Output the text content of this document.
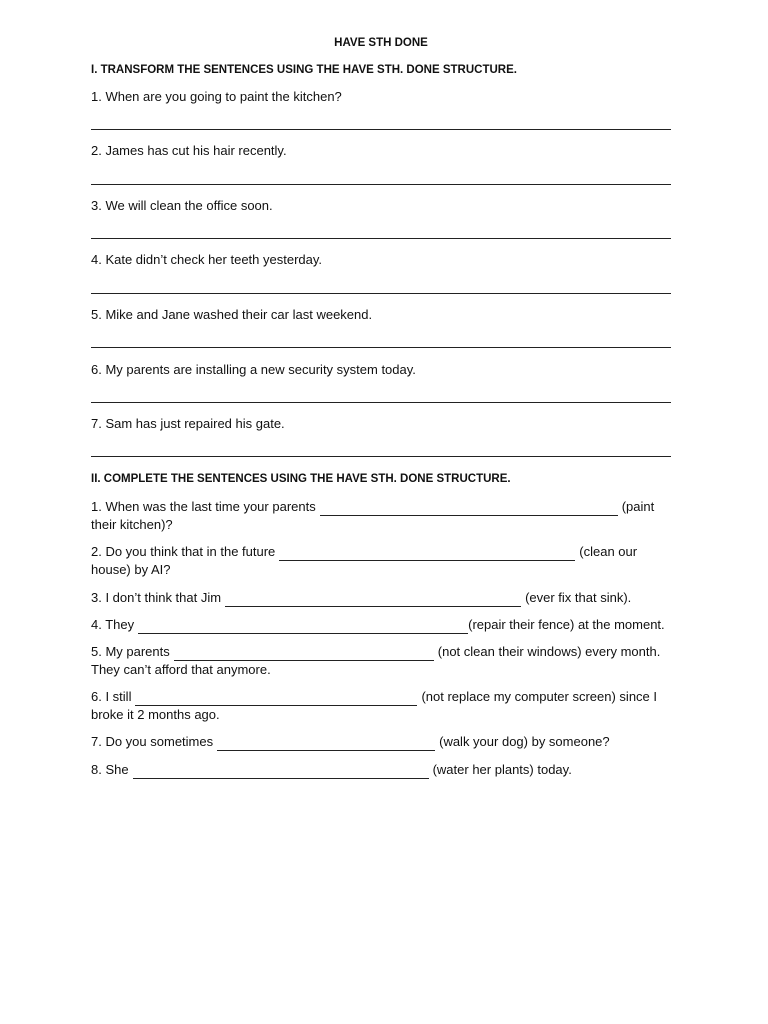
HAVE STH DONE
I. TRANSFORM THE SENTENCES USING THE HAVE STH. DONE STRUCTURE.
1. When are you going to paint the kitchen?
2. James has cut his hair recently.
3. We will clean the office soon.
4. Kate didn’t check her teeth yesterday.
5. Mike and Jane washed their car last weekend.
6. My parents are installing a new security system today.
7. Sam has just repaired his gate.
II. COMPLETE THE SENTENCES USING THE HAVE STH. DONE STRUCTURE.
1. When was the last time your parents	(paint
their kitchen)?
2. Do you think that in the future	(clean our
house) by AI?
3. I don’t think that Jim	(ever fix that sink).
4. They	(repair their fence) at the moment.
5. My parents	(not clean their windows) every month.
They can’t afford that anymore.
6. I still	(not replace my computer screen) since I
broke it 2 months ago.
7. Do you sometimes	(walk your dog) by someone?
8. She	(water her plants) today.
